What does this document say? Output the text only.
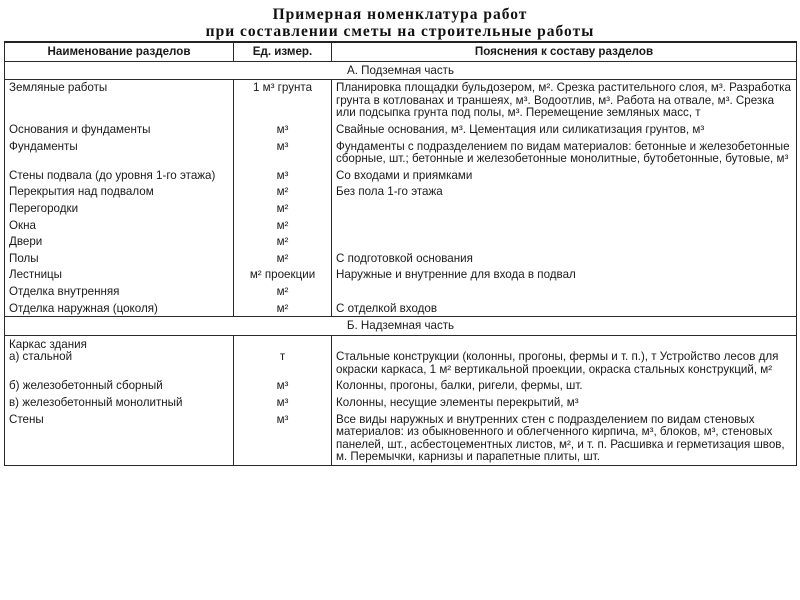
Примерная номенклатура работ
при составлении сметы на строительные работы
Наименование разделов	Ед. измер.	Пояснения к составу разделов
А. Подземная часть		
Земляные работы	1 м³ грунта	Планировка площадки бульдозером, м². Срезка растительного слоя, м³. Разработка грунта в котлованах и траншеях, м³. Водоотлив, м³. Работа на отвале, м³. Срезка или подсыпка грунта под полы, м³. Перемещение земляных масс, т
Основания и фундаменты	м³	Свайные основания, м³. Цементация или силикатизация грунтов, м³
Фундаменты	м³	Фундаменты с подразделением по видам материалов: бетонные и железобетонные сборные, шт.; бетонные и железобетонные монолитные, бутобетонные, бутовые, м³
Стены подвала (до уровня 1-го этажа)	м³	Со входами и приямками
Перекрытия над подвалом	м²	Без пола 1-го этажа
Перегородки	м²	
Окна	м²	
Двери	м²	
Полы	м²	С подготовкой основания
Лестницы	м² проекции	Наружные и внутренние для входа в подвал
Отделка внутренняя	м²	
Отделка наружная (цоколя)	м²	С отделкой входов
Б. Надземная часть		

Каркас здания
а) стальной	т	Стальные конструкции (колонны, прогоны, фермы и т. п.), т Устройство лесов для окраски каркаса, 1 м² вертикальной проекции, окраска стальных конструкций, м²

б) железобетонный сборный	м³	Колонны, прогоны, балки, ригели, фермы, шт.
в) железобетонный монолитный	м³	Колонны, несущие элементы перекрытий, м³
Стены	м³	Все виды наружных и внутренних стен с подразделением по видам стеновых материалов: из обыкновенного и облегченного кирпича, м³, блоков, м³, стеновых панелей, шт., асбестоцементных листов, м², и т. п. Расшивка и герметизация швов, м. Перемычки, карнизы и парапетные плиты, шт.
